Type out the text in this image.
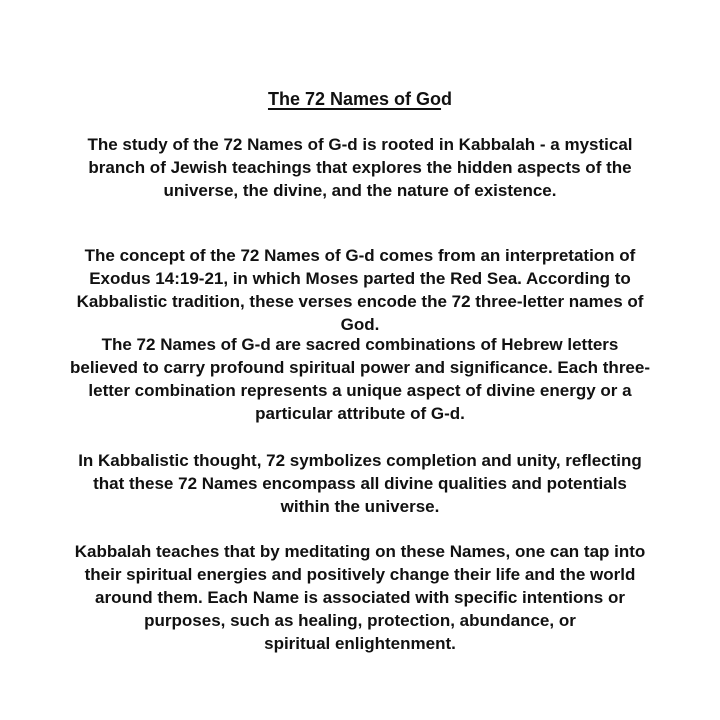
The 72 Names of God

The study of the 72 Names of G-d is rooted in Kabbalah - a mystical
branch of Jewish teachings that explores the hidden aspects of the
universe, the divine, and the nature of existence.

The concept of the 72 Names of G-d comes from an interpretation of
Exodus 14:19-21, in which Moses parted the Red Sea. According to
Kabbalistic tradition, these verses encode the 72 three-letter names of
God.

The 72 Names of G-d are sacred combinations of Hebrew letters
believed to carry profound spiritual power and significance. Each three-
letter combination represents a unique aspect of divine energy or a
particular attribute of G-d.

In Kabbalistic thought, 72 symbolizes completion and unity, reflecting
that these 72 Names encompass all divine qualities and potentials
within the universe.

Kabbalah teaches that by meditating on these Names, one can tap into
their spiritual energies and positively change their life and the world
around them. Each Name is associated with specific intentions or
purposes, such as healing, protection, abundance, or
spiritual enlightenment.
